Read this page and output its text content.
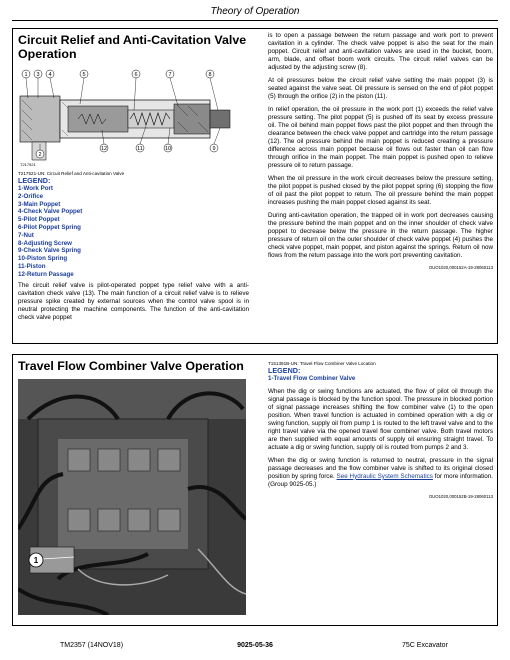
Theory of Operation
Circuit Relief and Anti-Cavitation Valve Operation
1 3 4	5	6	7	8
9
10
11
12
2
T217521

T217521-UN: Circuit Relief and Anti-cavitation Valve

LEGEND:

1-Work Port
2-Orifice
3-Main Poppet
4-Check Valve Poppet
5-Pilot Poppet
6-Pilot Poppet Spring
7-Nut
8-Adjusting Screw
9-Check Valve Spring
10-Piston Spring
11-Piston
12-Return Passage

The circuit relief valve is pilot-operated poppet type relief valve with a anti-cavitation check valve (13). The main function of a circuit relief valve is to relieve pressure spike created by external sources when the control valve spool is in neutral protecting the machine components. The function of the anti-cavitation check valve poppet

is to open a passage between the return passage and work port to prevent cavitation in a cylinder. The check valve poppet is also the seat for the main poppet. Circuit relief and anti-cavitation valves are used in the bucket, boom, arm, blade, and offset boom work circuits. The circuit relief valves can be adjusted by the adjusting screw (8).

At oil pressures below the circuit relief valve setting the main poppet (3) is seated against the valve seat. Oil pressure is sensed on the end of pilot poppet (5) through the orifice (2) in the piston (11).

In relief operation, the oil pressure in the work port (1) exceeds the relief valve pressure setting. The pilot poppet (5) is pushed off its seat by excess pressure oil. The oil behind main poppet flows past the pilot poppet and then through the clearance between the check valve poppet and cartridge into the return passage (12). The oil pressure behind the main poppet is reduced creating a pressure difference across main poppet because oil flows out faster than oil can flow through orifice in the main poppet. The main poppet is pushed open to relieve pressure oil to return passage.

When the oil pressure in the work circuit decreases below the pressure setting, the pilot poppet is pushed closed by the pilot poppet spring (6) stopping the flow of oil past the pilot poppet to return. The oil pressure behind the main poppet increases pushing the main poppet closed against its seat.

During anti-cavitation operation, the trapped oil in work port decreases causing the pressure behind the main poppet and on the inner shoulder of check valve poppet to decrease below the pressure in the return passage. The higher pressure of return oil on the outer shoulder of check valve poppet (4) pushes the check valve poppet, main poppet, and piston against the springs. Return oil now flows from the return passage into the work port preventing cavitation.

OUO1020,000152A-19-28060113

Travel Flow Combiner Valve Operation
1

T151391B-UN: Travel Flow Combiner Valve Location

LEGEND:

1-Travel Flow Combiner Valve

When the dig or swing functions are actuated, the flow of pilot oil through the signal passage is blocked by the function spool. The pressure in blocked portion of signal passage increases shifting the flow combiner valve (1) to the open position. When travel function is actuated in combined operation with a dig or swing function, supply oil from pump 1 is routed to the left travel valve and to the right travel valve via the opened travel flow combiner valve. Both travel motors are then supplied with equal amounts of supply oil ensuring straight travel. To actuate a dig or swing function, supply oil is routed from pumps 2 and 3.

When the dig or swing function is returned to neutral, pressure in the signal passage decreases and the flow combiner valve is shifted to its original closed position by spring force. See Hydraulic System Schematics for more information. (Group 9025-05.)

OUO1020,000152B-19-28060113

TM2357 (14NOV18)	9025-05-36	75C Excavator
